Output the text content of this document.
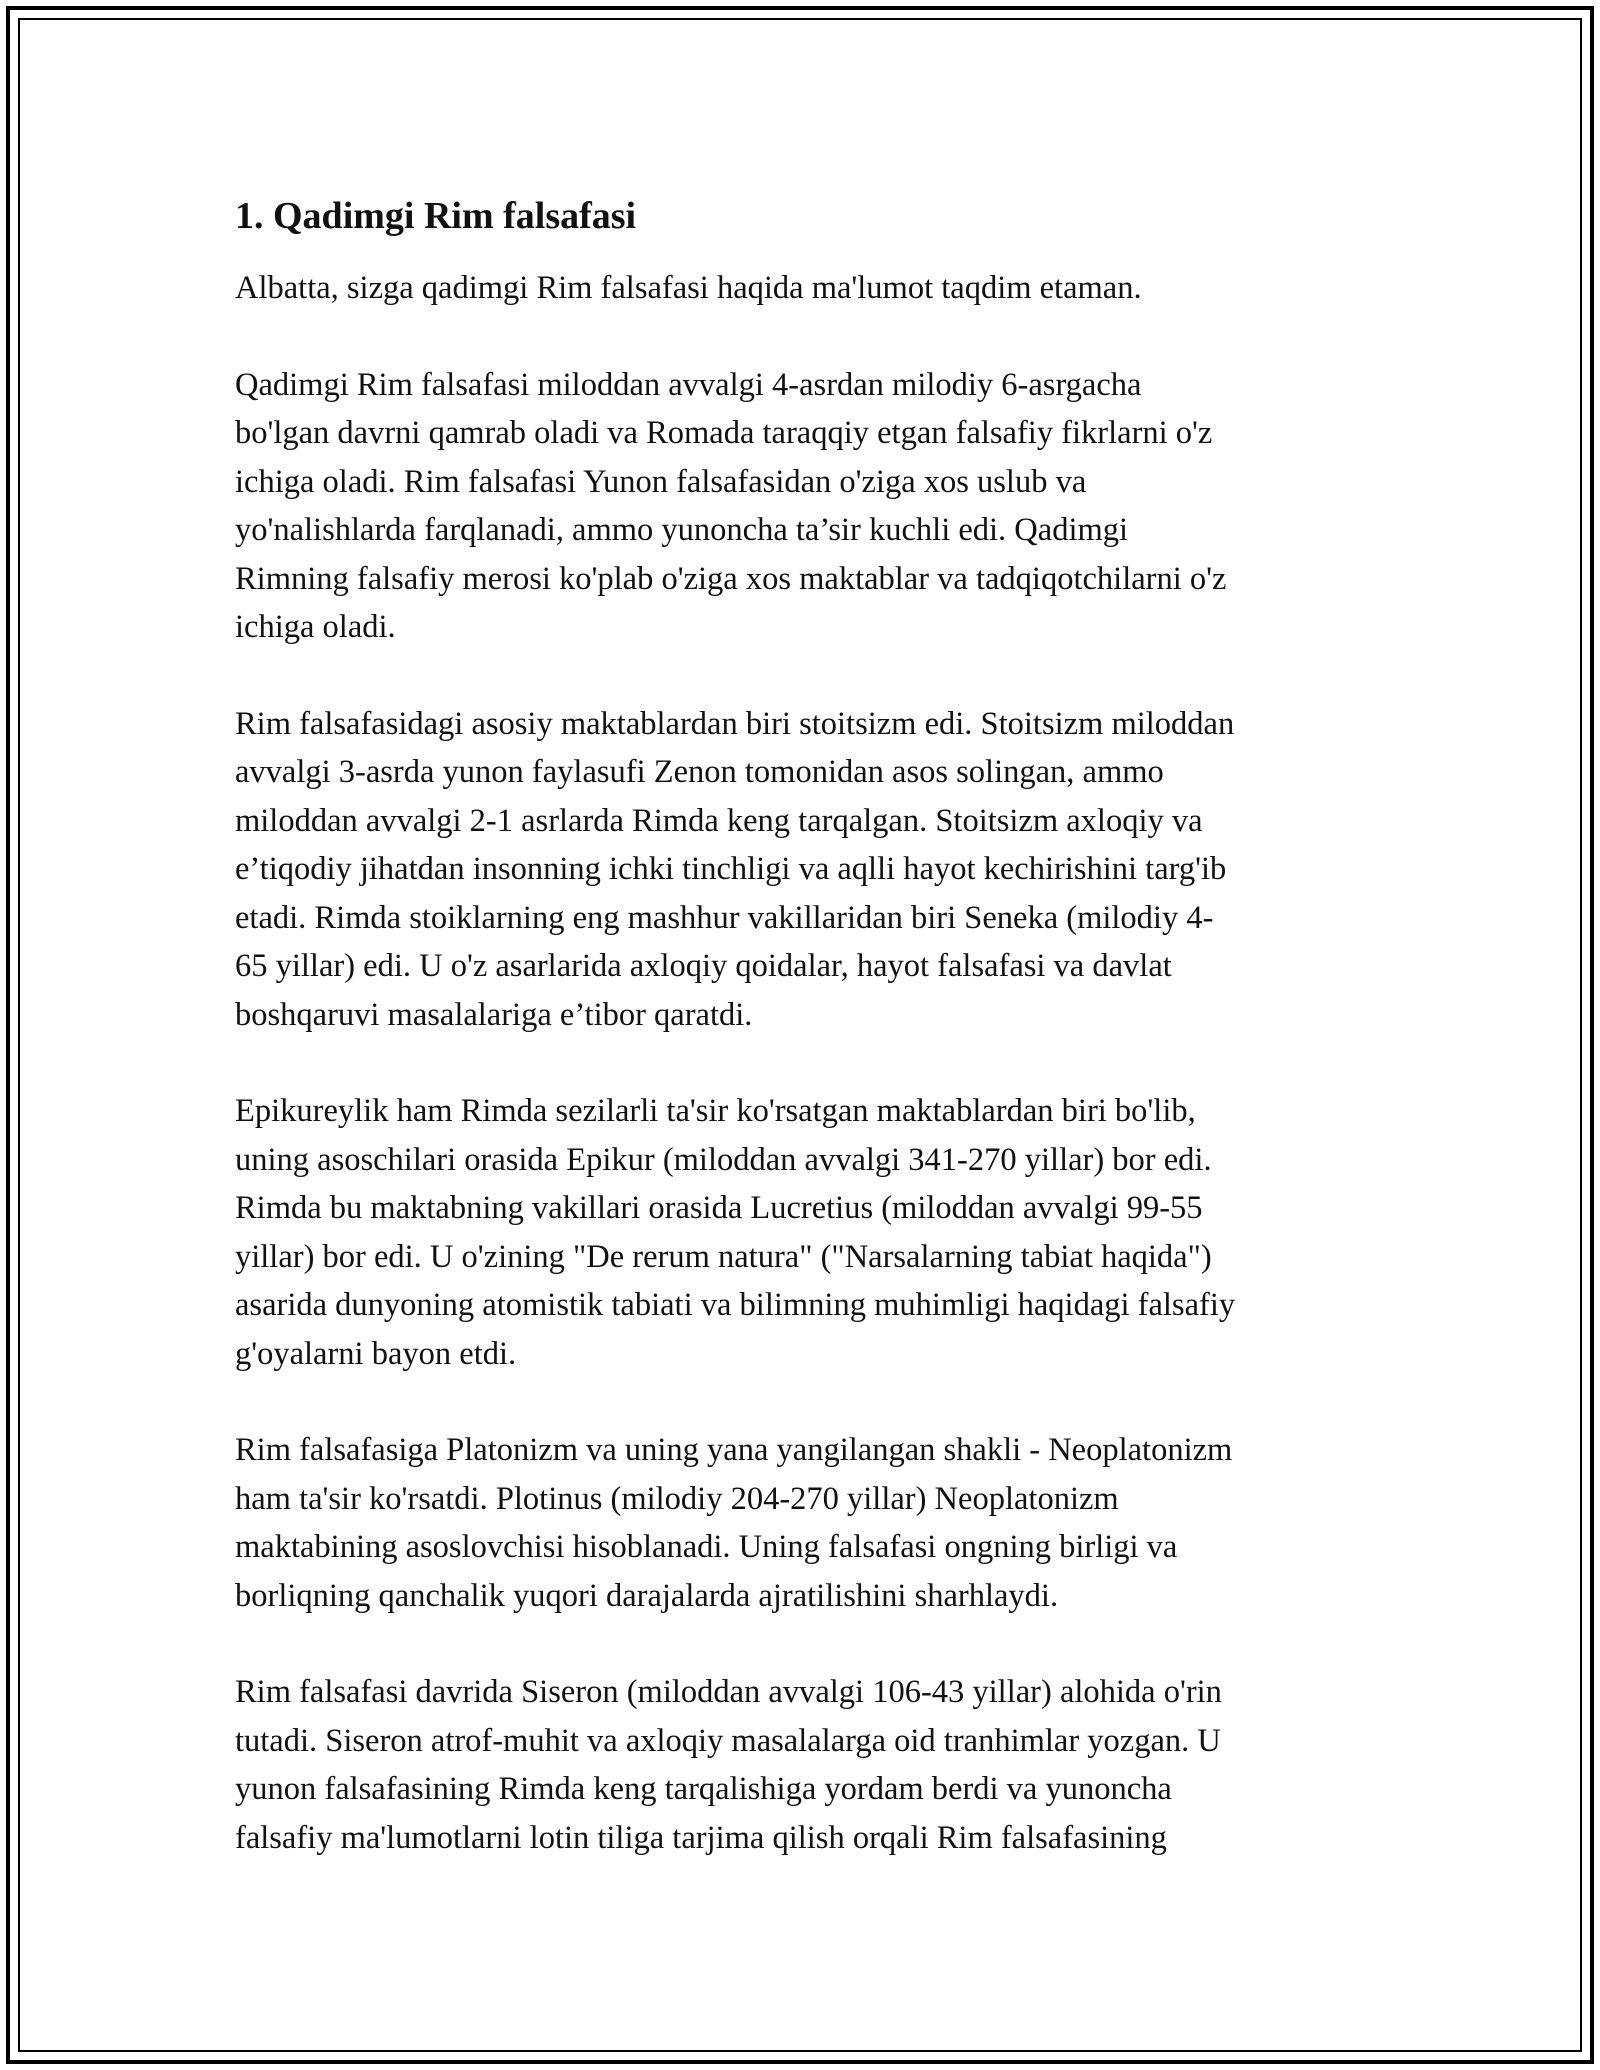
1. Qadimgi Rim falsafasi

Albatta, sizga qadimgi Rim falsafasi haqida ma'lumot taqdim etaman.

Qadimgi Rim falsafasi miloddan avvalgi 4-asrdan milodiy 6-asrgacha
bo'lgan davrni qamrab oladi va Romada taraqqiy etgan falsafiy fikrlarni o'z
ichiga oladi. Rim falsafasi Yunon falsafasidan o'ziga xos uslub va
yo'nalishlarda farqlanadi, ammo yunoncha ta’sir kuchli edi. Qadimgi
Rimning falsafiy merosi ko'plab o'ziga xos maktablar va tadqiqotchilarni o'z
ichiga oladi.

Rim falsafasidagi asosiy maktablardan biri stoitsizm edi. Stoitsizm miloddan
avvalgi 3-asrda yunon faylasufi Zenon tomonidan asos solingan, ammo
miloddan avvalgi 2-1 asrlarda Rimda keng tarqalgan. Stoitsizm axloqiy va
e’tiqodiy jihatdan insonning ichki tinchligi va aqlli hayot kechirishini targ'ib
etadi. Rimda stoiklarning eng mashhur vakillaridan biri Seneka (milodiy 4-
65 yillar) edi. U o'z asarlarida axloqiy qoidalar, hayot falsafasi va davlat
boshqaruvi masalalariga e’tibor qaratdi.

Epikureylik ham Rimda sezilarli ta'sir ko'rsatgan maktablardan biri bo'lib,
uning asoschilari orasida Epikur (miloddan avvalgi 341-270 yillar) bor edi.
Rimda bu maktabning vakillari orasida Lucretius (miloddan avvalgi 99-55
yillar) bor edi. U o'zining "De rerum natura" ("Narsalarning tabiat haqida")
asarida dunyoning atomistik tabiati va bilimning muhimligi haqidagi falsafiy
g'oyalarni bayon etdi.

Rim falsafasiga Platonizm va uning yana yangilangan shakli - Neoplatonizm
ham ta'sir ko'rsatdi. Plotinus (milodiy 204-270 yillar) Neoplatonizm
maktabining asoslovchisi hisoblanadi. Uning falsafasi ongning birligi va
borliqning qanchalik yuqori darajalarda ajratilishini sharhlaydi.

Rim falsafasi davrida Siseron (miloddan avvalgi 106-43 yillar) alohida o'rin
tutadi. Siseron atrof-muhit va axloqiy masalalarga oid tranhimlar yozgan. U
yunon falsafasining Rimda keng tarqalishiga yordam berdi va yunoncha
falsafiy ma'lumotlarni lotin tiliga tarjima qilish orqali Rim falsafasining
